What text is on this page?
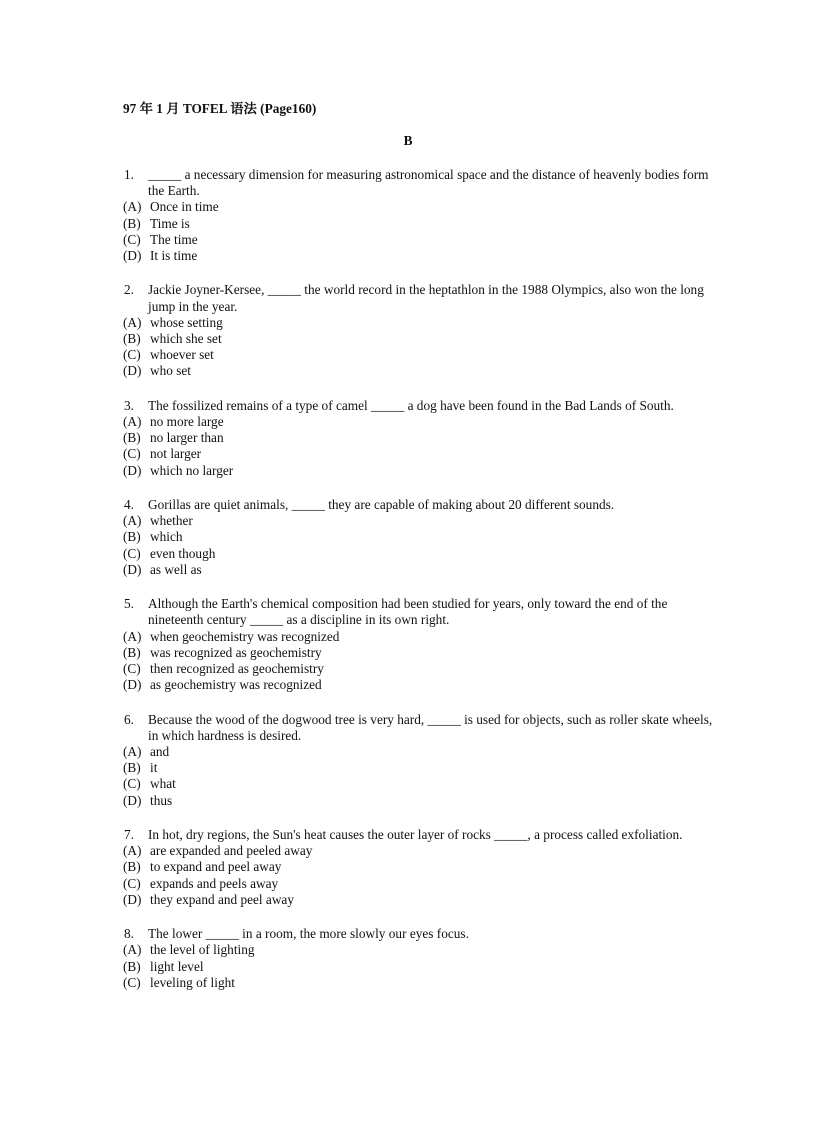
97 年 1 月 TOFEL 语法 (Page160)
B
1. _____ a necessary dimension for measuring astronomical space and the distance of heavenly bodies form the Earth.
(A) Once in time
(B) Time is
(C) The time
(D) It is time
2. Jackie Joyner-Kersee, _____ the world record in the heptathlon in the 1988 Olympics, also won the long jump in the year.
(A) whose setting
(B) which she set
(C) whoever set
(D) who set
3. The fossilized remains of a type of camel _____ a dog have been found in the Bad Lands of South.
(A) no more large
(B) no larger than
(C) not larger
(D) which no larger
4. Gorillas are quiet animals, _____ they are capable of making about 20 different sounds.
(A) whether
(B) which
(C) even though
(D) as well as
5. Although the Earth's chemical composition had been studied for years, only toward the end of the nineteenth century _____ as a discipline in its own right.
(A) when geochemistry was recognized
(B) was recognized as geochemistry
(C) then recognized as geochemistry
(D) as geochemistry was recognized
6. Because the wood of the dogwood tree is very hard, _____ is used for objects, such as roller skate wheels, in which hardness is desired.
(A) and
(B) it
(C) what
(D) thus
7. In hot, dry regions, the Sun's heat causes the outer layer of rocks _____, a process called exfoliation.
(A) are expanded and peeled away
(B) to expand and peel away
(C) expands and peels away
(D) they expand and peel away
8. The lower _____ in a room, the more slowly our eyes focus.
(A) the level of lighting
(B) light level
(C) leveling of light
